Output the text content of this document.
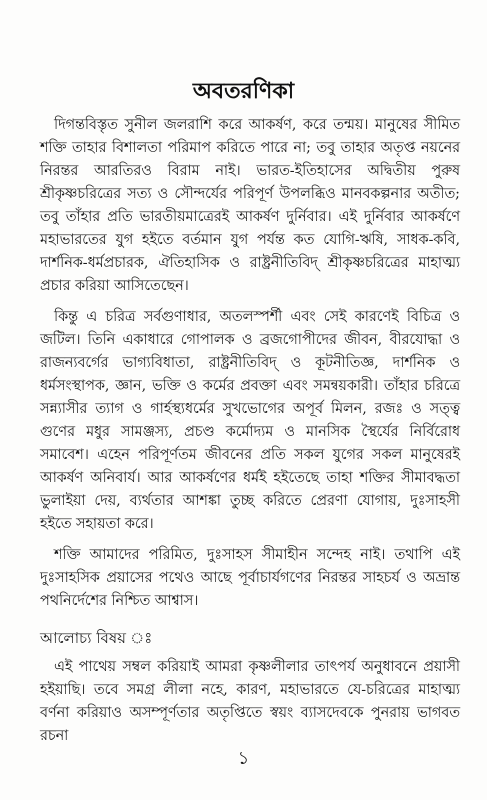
অবতরণিকা

দিগন্তবিস্তৃত সুনীল জলরাশি করে আকর্ষণ, করে তন্ময়। মানুষের সীমিত শক্তি তাহার বিশালতা পরিমাপ করিতে পারে না; তবু তাহার অতৃপ্ত নয়নের নিরন্তর আরতিরও বিরাম নাই। ভারত-ইতিহাসের অদ্বিতীয় পুরুষ শ্রীকৃষ্ণচরিত্রের সত্য ও সৌন্দর্যের পরিপূর্ণ উপলব্ধিও মানবকল্পনার অতীত; তবু তাঁহার প্রতি ভারতীয়মাত্রেরই আকর্ষণ দুর্নিবার। এই দুর্নিবার আকর্ষণে মহাভারতের যুগ হইতে বর্তমান যুগ পর্যন্ত কত যোগি-ঋষি, সাধক-কবি, দার্শনিক-ধর্মপ্রচারক, ঐতিহাসিক ও রাষ্ট্রনীতিবিদ্‌ শ্রীকৃষ্ণচরিত্রের মাহাত্ম্য প্রচার করিয়া আসিতেছেন।

কিন্তু এ চরিত্র সর্বগুণাধার, অতলস্পর্শী এবং সেই কারণেই বিচিত্র ও জটিল। তিনি একাধারে গোপালক ও ব্রজগোপীদের জীবন, বীরযোদ্ধা ও রাজন্যবর্গের ভাগ্যবিধাতা, রাষ্ট্রনীতিবিদ্‌ ও কূটনীতিজ্ঞ, দার্শনিক ও ধর্মসংস্থাপক, জ্ঞান, ভক্তি ও কর্মের প্রবক্তা এবং সমন্বয়কারী। তাঁহার চরিত্রে সন্ন্যাসীর ত্যাগ ও গার্হস্থ্যধর্মের সুখভোগের অপূর্ব মিলন, রজঃ ও সত্ত্ব গুণের মধুর সামঞ্জস্য, প্রচণ্ড কর্মোদ্যম ও মানসিক স্থৈর্যের নির্বিরোধ সমাবেশ। এহেন পরিপূর্ণতম জীবনের প্রতি সকল যুগের সকল মানুষেরই আকর্ষণ অনিবার্য। আর আকর্ষণের ধর্মই হইতেছে তাহা শক্তির সীমাবদ্ধতা ভুলাইয়া দেয়, ব্যর্থতার আশঙ্কা তুচ্ছ করিতে প্রেরণা যোগায়, দুঃসাহসী হইতে সহায়তা করে।

শক্তি আমাদের পরিমিত, দুঃসাহস সীমাহীন সন্দেহ নাই। তথাপি এই দুঃসাহসিক প্রয়াসের পথেও আছে পূর্বাচার্যগণের নিরন্তর সাহচর্য ও অভ্রান্ত পথনির্দেশের নিশ্চিত আশ্বাস।

আলোচ্য বিষয় ঃ

এই পাথেয় সম্বল করিয়াই আমরা কৃষ্ণলীলার তাৎপর্য অনুধাবনে প্রয়াসী হইয়াছি। তবে সমগ্র লীলা নহে, কারণ, মহাভারতে যে-চরিত্রের মাহাত্ম্য বর্ণনা করিয়াও অসম্পূর্ণতার অতৃপ্তিতে স্বয়ং ব্যাসদেবকে পুনরায় ভাগবত রচনা

১
